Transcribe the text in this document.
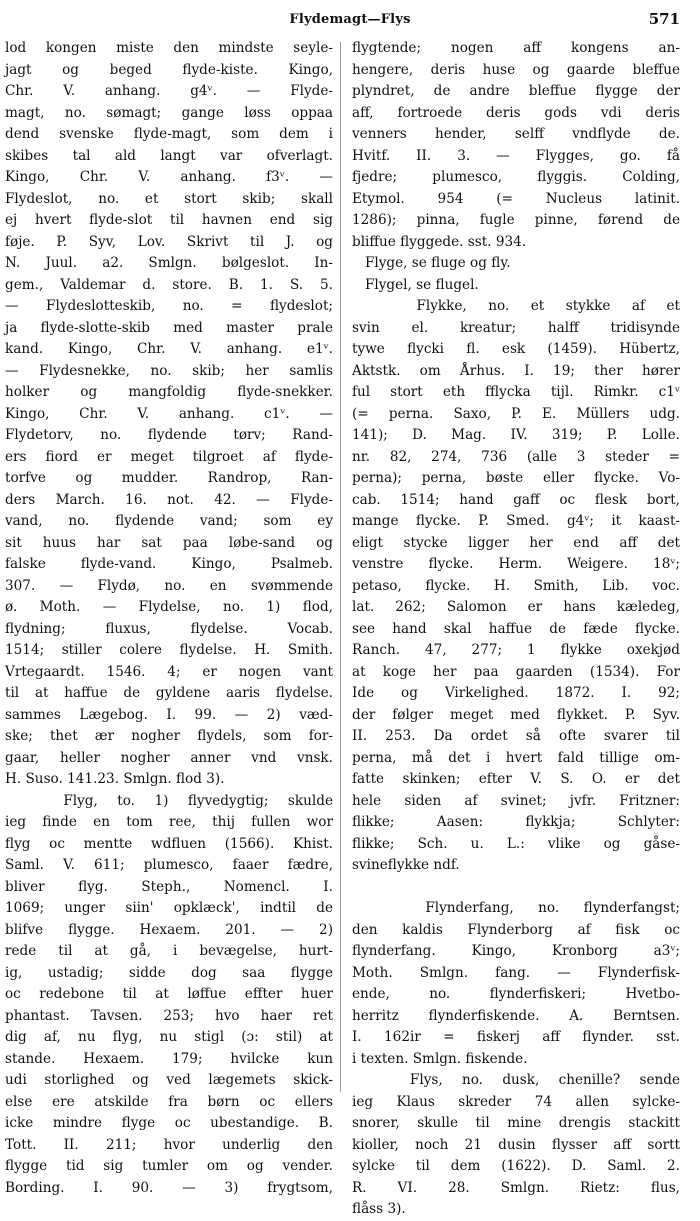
Flydemagt—Flys	571
lod kongen miste den mindste seyle-
jagt og beged flyde-kiste. Kingo,
Chr. V. anhang. g4ᵛ. — Flyde-
magt, no. sømagt; gange løss oppaa
dend svenske flyde-magt, som dem i
skibes tal ald langt var ofverlagt.
Kingo, Chr. V. anhang. f3ᵛ. —
Flydeslot, no. et stort skib; skall
ej hvert flyde-slot til havnen end sig
føje. P. Syv, Lov. Skrivt til J. og
N. Juul. a2. Smlgn. bølgeslot. In-
gem., Valdemar d. store. B. 1. S. 5.
— Flydeslotteskib, no. = flydeslot;
ja flyde-slotte-skib med master prale
kand. Kingo, Chr. V. anhang. e1ᵛ.
— Flydesnekke, no. skib; her samlis
holker og mangfoldig flyde-snekker.
Kingo, Chr. V. anhang. c1ᵛ. —
Flydetorv, no. flydende tørv; Rand-
ers fiord er meget tilgroet af flyde-
torfve og mudder. Randrop, Ran-
ders March. 16. not. 42. — Flyde-
vand, no. flydende vand; som ey
sit huus har sat paa løbe-sand og
falske flyde-vand. Kingo, Psalmeb.
307. — Flydø, no. en svømmende
ø. Moth. — Flydelse, no. 1) flod,
flydning; fluxus, flydelse. Vocab.
1514; stiller colere flydelse. H. Smith.
Vrtegaardt. 1546. 4; er nogen vant
til at haffue de gyldene aaris flydelse.
sammes Lægebog. I. 99. — 2) væd-
ske; thet ær nogher flydels, som for-
gaar, heller nogher anner vnd vnsk.
H. Suso. 141.23. Smlgn. flod 3).
Flyg, to. 1) flyvedygtig; skulde
ieg finde en tom ree, thij fullen wor
flyg oc mentte wdfluen (1566). Khist.
Saml. V. 611; plumesco, faaer fædre,
bliver flyg. Steph., Nomencl. I.
1069; unger siin' opklæck', indtil de
blifve flygge. Hexaem. 201. — 2)
rede til at gå, i bevægelse, hurt-
ig, ustadig; sidde dog saa flygge
oc redebone til at løffue effter huer
phantast. Tavsen. 253; hvo haer ret
dig af, nu flyg, nu stigl (ɔ: stil) at
stande. Hexaem. 179; hvilcke kun
udi storlighed og ved lægemets skick-
else ere atskilde fra børn oc ellers
icke mindre flyge oc ubestandige. B.
Tott. II. 211; hvor underlig den
flygge tid sig tumler om og vender.
Bording. I. 90. — 3) frygtsom,
flygtende; nogen aff kongens an-
hengere, deris huse og gaarde bleffue
plyndret, de andre bleffue flygge der
aff, fortroede deris gods vdi deris
venners hender, selff vndflyde de.
Hvitf. II. 3. — Flygges, go. få
fjedre; plumesco, flyggis. Colding,
Etymol. 954 (= Nucleus latinit.
1286); pinna, fugle pinne, førend de
bliffue flyggede. sst. 934.
Flyge, se fluge og fly.
Flygel, se flugel.
Flykke, no. et stykke af et
svin el. kreatur; halff tridisynde
tywe flycki fl. esk (1459). Hübertz,
Aktstk. om Århus. I. 19; ther hører
ful stort eth fflycka tijl. Rimkr. c1ᵛ
(= perna. Saxo, P. E. Müllers udg.
141); D. Mag. IV. 319; P. Lolle.
nr. 82, 274, 736 (alle 3 steder =
perna); perna, bøste eller flycke. Vo-
cab. 1514; hand gaff oc flesk bort,
mange flycke. P. Smed. g4ᵛ; it kaast-
eligt stycke ligger her end aff det
venstre flycke. Herm. Weigere. 18ᵛ;
petaso, flycke. H. Smith, Lib. voc.
lat. 262; Salomon er hans kæledeg,
see hand skal haffue de fæde flycke.
Ranch. 47, 277; 1 flykke oxekjød
at koge her paa gaarden (1534). For
Ide og Virkelighed. 1872. I. 92;
der følger meget med flykket. P. Syv.
II. 253. Da ordet så ofte svarer til
perna, må det i hvert fald tillige om-
fatte skinken; efter V. S. O. er det
hele siden af svinet; jvfr. Fritzner:
flikke; Aasen: flykkja; Schlyter:
flikke; Sch. u. L.: vlike og gåse-
svineflykke ndf.
Flynderfang, no. flynderfangst;
den kaldis Flynderborg af fisk oc
flynderfang. Kingo, Kronborg a3ᵛ;
Moth. Smlgn. fang. — Flynderfisk-
ende, no. flynderfiskeri; Hvetbo-
herritz flynderfiskende. A. Berntsen.
I. 162ir = fiskerj aff flynder. sst.
i texten. Smlgn. fiskende.
Flys, no. dusk, chenille? sende
ieg Klaus skreder 74 allen sylcke-
snorer, skulle til mine drengis stackitt
kioller, noch 21 dusin flysser aff sortt
sylcke til dem (1622). D. Saml. 2.
R. VI. 28. Smlgn. Rietz: flus,
flåss 3).
